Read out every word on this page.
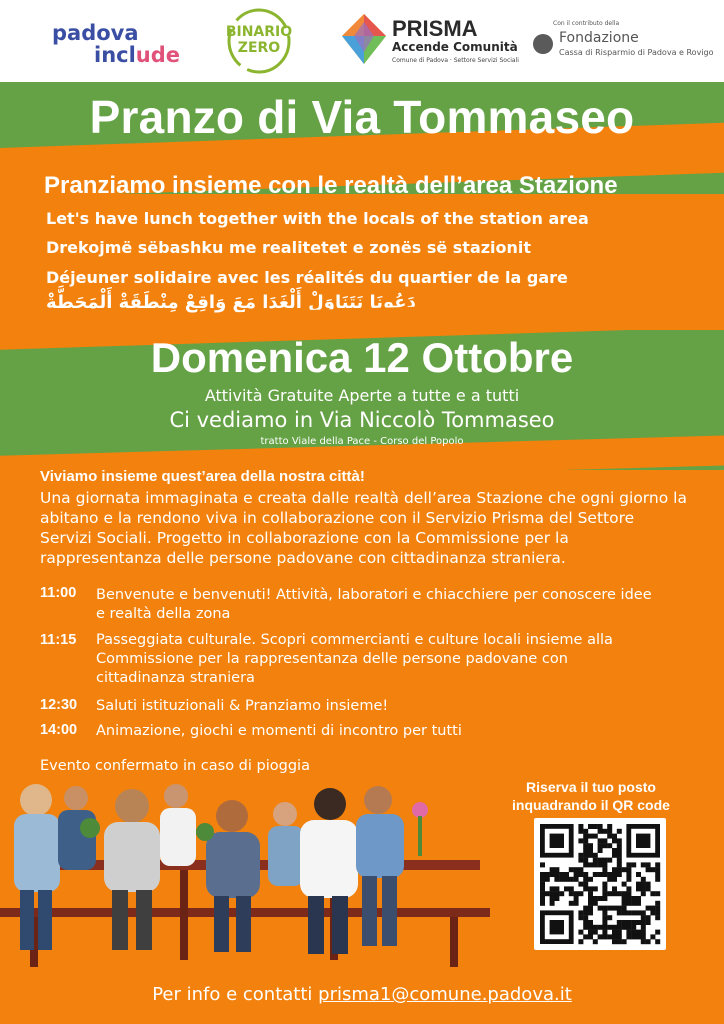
padova
include
BINARIO
ZERO
PRISMA
Accende Comunità
Comune di Padova · Settore Servizi Sociali
Con il contributo della
Fondazione
Cassa di Risparmio di Padova e Rovigo
Pranzo di Via Tommaseo
Pranziamo insieme con le realtà dell’area Stazione
Let's have lunch together with the locals of the station area
Drekojmë sëbashku me realitetet e zonës së stazionit
Déjeuner solidaire avec les réalités du quartier de la gare
دَعُونَا نَتَنَاوَلْ أَلْغَدَا مَعَ وَاقِعْ مِنْطَقَةْ أَلْمَحَطَّةْ
Domenica 12 Ottobre
Attività Gratuite Aperte a tutte e a tutti
Ci vediamo in Via Niccolò Tommaseo
tratto Viale della Pace - Corso del Popolo
Viviamo insieme quest’area della nostra città!
Una giornata immaginata e creata dalle realtà dell’area Stazione che ogni giorno la abitano e la rendono viva in collaborazione con il Servizio Prisma del Settore Servizi Sociali. Progetto in collaborazione con la Commissione per la rappresentanza delle persone padovane con cittadinanza straniera.
11:00 Benvenute e benvenuti! Attività, laboratori e chiacchiere per conoscere idee e realtà della zona
11:15 Passeggiata culturale. Scopri commercianti e culture locali insieme alla Commissione per la rappresentanza delle persone padovane con cittadinanza straniera
12:30 Saluti istituzionali & Pranziamo insieme!
14:00 Animazione, giochi e momenti di incontro per tutti
Evento confermato in caso di pioggia
Riserva il tuo posto
inquadrando il QR code
Per info e contatti prisma1@comune.padova.it
